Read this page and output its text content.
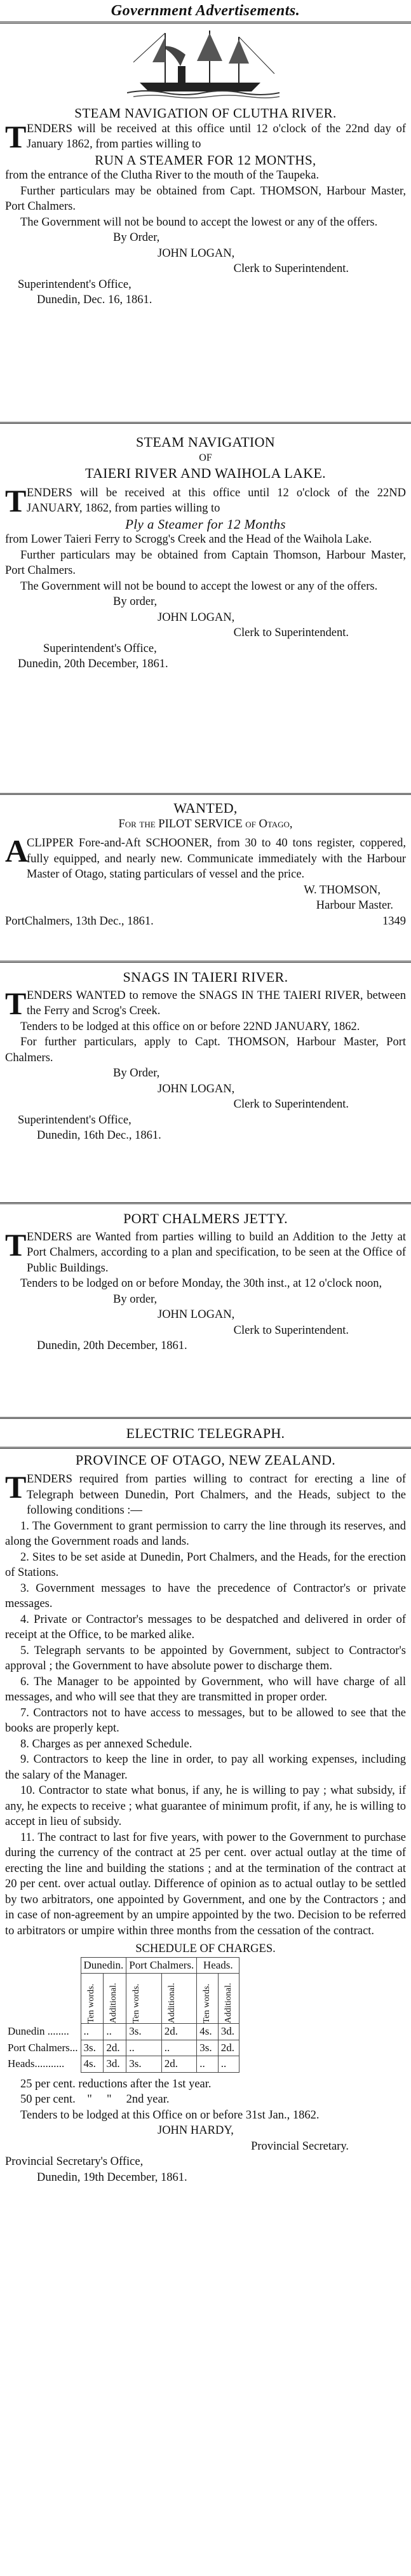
Government Advertisements.
STEAM NAVIGATION OF CLUTHA RIVER.
T ENDERS will be received at this office until 12 o'clock of the 22nd day of January 1862, from parties willing to
RUN A STEAMER FOR 12 MONTHS,

from the entrance of the Clutha River to the mouth of the Taupeka.

Further particulars may be obtained from Capt. THOMSON, Harbour Master, Port Chalmers.

The Government will not be bound to accept the lowest or any of the offers.

By Order,
JOHN LOGAN,
Clerk to Superintendent.
Superintendent's Office,
Dunedin, Dec. 16, 1861.
STEAM NAVIGATION
OF
TAIERI RIVER AND WAIHOLA LAKE.
T ENDERS will be received at this office until 12 o'clock of the 22ND JANUARY, 1862, from parties willing to
Ply a Steamer for 12 Months

from Lower Taieri Ferry to Scrogg's Creek and the Head of the Waihola Lake.

Further particulars may be obtained from Captain Thomson, Harbour Master, Port Chalmers.

The Government will not be bound to accept the lowest or any of the offers.

By order,
JOHN LOGAN,
Clerk to Superintendent.
Superintendent's Office,
Dunedin, 20th December, 1861.
WANTED,
For the PILOT SERVICE of Otago,
A
CLIPPER Fore-and-Aft SCHOONER, from 30 to 40 tons register, coppered, fully equipped, and nearly new. Communicate immediately with the Harbour Master of Otago, stating particulars of vessel and the price.
W. THOMSON,
Harbour Master.
PortChalmers, 13th Dec., 1861.	1349
SNAGS IN TAIERI RIVER.
T ENDERS WANTED to remove the SNAGS IN THE TAIERI RIVER, between the Ferry and Scrog's Creek.

Tenders to be lodged at this office on or before 22ND JANUARY, 1862.

For further particulars, apply to Capt. THOMSON, Harbour Master, Port Chalmers.

By Order,
JOHN LOGAN,
Clerk to Superintendent.
Superintendent's Office,
Dunedin, 16th Dec., 1861.
PORT CHALMERS JETTY.
T ENDERS are Wanted from parties willing to build an Addition to the Jetty at Port Chalmers, according to a plan and specification, to be seen at the Office of Public Buildings.

Tenders to be lodged on or before Monday, the 30th inst., at 12 o'clock noon,

By order,
JOHN LOGAN,
Clerk to Superintendent.
Dunedin, 20th December, 1861.
ELECTRIC TELEGRAPH.
PROVINCE OF OTAGO, NEW ZEALAND.
T ENDERS required from parties willing to contract for erecting a line of Telegraph between Dunedin, Port Chalmers, and the Heads, subject to the following conditions :—

1. The Government to grant permission to carry the line through its reserves, and along the Government roads and lands.

2. Sites to be set aside at Dunedin, Port Chalmers, and the Heads, for the erection of Stations.

3. Government messages to have the precedence of Contractor's or private messages.

4. Private or Contractor's messages to be despatched and delivered in order of receipt at the Office, to be marked alike.

5. Telegraph servants to be appointed by Government, subject to Contractor's approval ; the Government to have absolute power to discharge them.

6. The Manager to be appointed by Government, who will have charge of all messages, and who will see that they are transmitted in proper order.

7. Contractors not to have access to messages, but to be allowed to see that the books are properly kept.

8. Charges as per annexed Schedule.

9. Contractors to keep the line in order, to pay all working expenses, including the salary of the Manager.

10. Contractor to state what bonus, if any, he is willing to pay ; what subsidy, if any, he expects to receive ; what guarantee of minimum profit, if any, he is willing to accept in lieu of subsidy.

11. The contract to last for five years, with power to the Government to purchase during the currency of the contract at 25 per cent. over actual outlay at the time of erecting the line and building the stations ; and at the termination of the contract at 20 per cent. over actual outlay. Difference of opinion as to actual outlay to be settled by two arbitrators, one appointed by Government, and one by the Contractors ; and in case of non-agreement by an umpire appointed by the two. Decision to be referred to arbitrators or umpire within three months from the cessation of the contract.

SCHEDULE OF CHARGES.
	Dunedin.		Port Chalmers.		Heads.	

	Ten words.	Additional.	Ten words.	Additional.	Ten words.	Additional.

Dunedin ........	..	..	3s.	2d.	4s.	3d.
Port Chalmers...	3s.	2d.	..	..	3s.	2d.
Heads...........	4s.	3d.	3s.	2d.	..	..
25 per cent. reductions after the 1st year.
50 per cent.    "     "     2nd year.

Tenders to be lodged at this Office on or before 31st Jan., 1862.

JOHN HARDY,
Provincial Secretary.
Provincial Secretary's Office,
Dunedin, 19th December, 1861.
